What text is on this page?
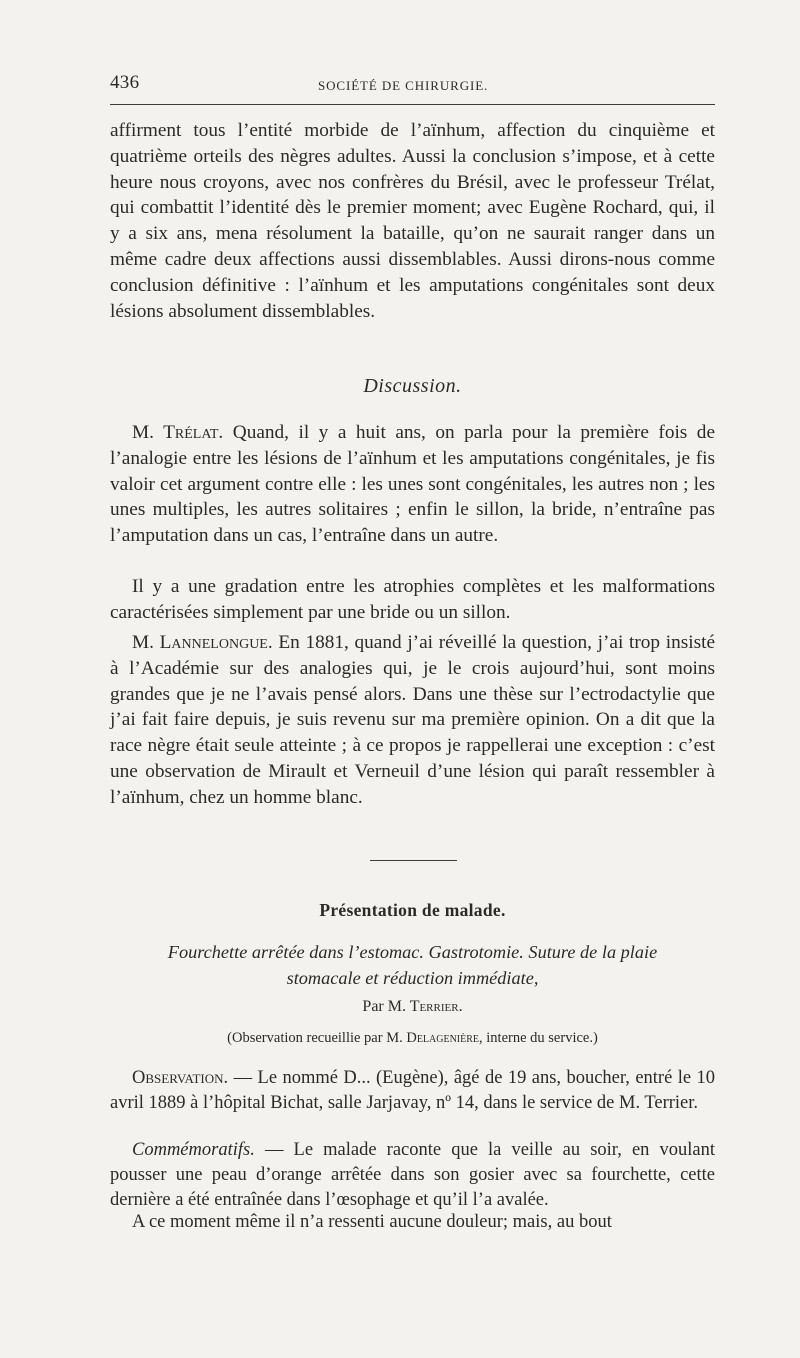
436	SOCIÉTÉ DE CHIRURGIE.

affirment tous l’entité morbide de l’aïnhum, affection du cinquième et quatrième orteils des nègres adultes. Aussi la conclusion s’impose, et à cette heure nous croyons, avec nos confrères du Brésil, avec le professeur Trélat, qui combattit l’identité dès le premier moment; avec Eugène Rochard, qui, il y a six ans, mena résolument la bataille, qu’on ne saurait ranger dans un même cadre deux affections aussi dissemblables. Aussi dirons-nous comme conclusion définitive : l’aïnhum et les amputations congénitales sont deux lésions absolument dissemblables.

Discussion.

M. Trélat. Quand, il y a huit ans, on parla pour la première fois de l’analogie entre les lésions de l’aïnhum et les amputations congénitales, je fis valoir cet argument contre elle : les unes sont congénitales, les autres non ; les unes multiples, les autres solitaires ; enfin le sillon, la bride, n’entraîne pas l’amputation dans un cas, l’entraîne dans un autre.

Il y a une gradation entre les atrophies complètes et les malformations caractérisées simplement par une bride ou un sillon.

M. Lannelongue. En 1881, quand j’ai réveillé la question, j’ai trop insisté à l’Académie sur des analogies qui, je le crois aujourd’hui, sont moins grandes que je ne l’avais pensé alors. Dans une thèse sur l’ectrodactylie que j’ai fait faire depuis, je suis revenu sur ma première opinion. On a dit que la race nègre était seule atteinte ; à ce propos je rappellerai une exception : c’est une observation de Mirault et Verneuil d’une lésion qui paraît ressembler à l’aïnhum, chez un homme blanc.

Présentation de malade.

Fourchette arrêtée dans l’estomac. Gastrotomie. Suture de la plaie

stomacale et réduction immédiate,

Par M. Terrier.

(Observation recueillie par M. Delagenière, interne du service.)

Observation. — Le nommé D... (Eugène), âgé de 19 ans, boucher, entré le 10 avril 1889 à l’hôpital Bichat, salle Jarjavay, nº 14, dans le service de M. Terrier.

Commémoratifs. — Le malade raconte que la veille au soir, en voulant pousser une peau d’orange arrêtée dans son gosier avec sa fourchette, cette dernière a été entraînée dans l’œsophage et qu’il l’a avalée.

A ce moment même il n’a ressenti aucune douleur; mais, au bout
